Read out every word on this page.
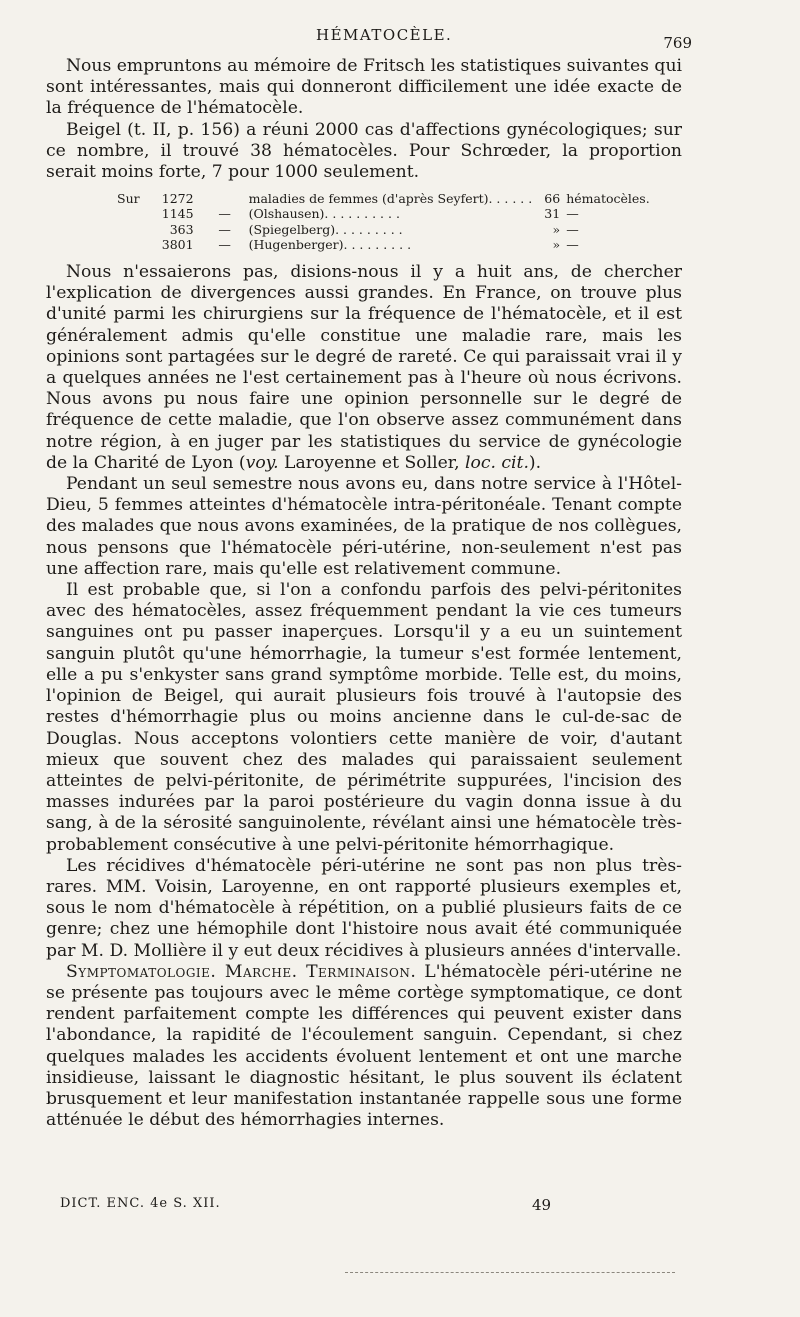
HÉMATOCÈLE.	769

Nous empruntons au mémoire de Fritsch les statistiques suivantes qui sont intéressantes, mais qui donneront difficilement une idée exacte de la fréquence de l'hématocèle.

Beigel (t. II, p. 156) a réuni 2000 cas d'affections gynécologiques; sur ce nombre, il trouvé 38 hématocèles. Pour Schrœder, la proportion serait moins forte, 7 pour 1000 seulement.

Sur	1272		maladies de femmes (d'après Seyfert). . . . . .	66	hématocèles.
	1145	—	(Olshausen). . . . . . . . . .	31	—
	363	—	(Spiegelberg). . . . . . . . .	»	—
	3801	—	(Hugenberger). . . . . . . . .	»	—

Nous n'essaierons pas, disions-nous il y a huit ans, de chercher l'explication de divergences aussi grandes. En France, on trouve plus d'unité parmi les chirurgiens sur la fréquence de l'hématocèle, et il est généralement admis qu'elle constitue une maladie rare, mais les opinions sont partagées sur le degré de rareté. Ce qui paraissait vrai il y a quelques années ne l'est certainement pas à l'heure où nous écrivons. Nous avons pu nous faire une opinion personnelle sur le degré de fréquence de cette maladie, que l'on observe assez communément dans notre région, à en juger par les statistiques du service de gynécologie de la Charité de Lyon (voy. Laroyenne et Soller, loc. cit.).

Pendant un seul semestre nous avons eu, dans notre service à l'Hôtel-Dieu, 5 femmes atteintes d'hématocèle intra-péritonéale. Tenant compte des malades que nous avons examinées, de la pratique de nos collègues, nous pensons que l'hématocèle péri-utérine, non-seulement n'est pas une affection rare, mais qu'elle est relativement commune.

Il est probable que, si l'on a confondu parfois des pelvi-péritonites avec des hématocèles, assez fréquemment pendant la vie ces tumeurs sanguines ont pu passer inaperçues. Lorsqu'il y a eu un suintement sanguin plutôt qu'une hémorrhagie, la tumeur s'est formée lentement, elle a pu s'enkyster sans grand symptôme morbide. Telle est, du moins, l'opinion de Beigel, qui aurait plusieurs fois trouvé à l'autopsie des restes d'hémorrhagie plus ou moins ancienne dans le cul-de-sac de Douglas. Nous acceptons volontiers cette manière de voir, d'autant mieux que souvent chez des malades qui paraissaient seulement atteintes de pelvi-péritonite, de périmétrite suppurées, l'incision des masses indurées par la paroi postérieure du vagin donna issue à du sang, à de la sérosité sanguinolente, révélant ainsi une hématocèle très-probablement consécutive à une pelvi-péritonite hémorrhagique.

Les récidives d'hématocèle péri-utérine ne sont pas non plus très-rares. MM. Voisin, Laroyenne, en ont rapporté plusieurs exemples et, sous le nom d'hématocèle à répétition, on a publié plusieurs faits de ce genre; chez une hémophile dont l'histoire nous avait été communiquée par M. D. Mollière il y eut deux récidives à plusieurs années d'intervalle.

Symptomatologie. Marche. Terminaison. L'hématocèle péri-utérine ne se présente pas toujours avec le même cortège symptomatique, ce dont rendent parfaitement compte les différences qui peuvent exister dans l'abondance, la rapidité de l'écoulement sanguin. Cependant, si chez quelques malades les accidents évoluent lentement et ont une marche insidieuse, laissant le diagnostic hésitant, le plus souvent ils éclatent brusquement et leur manifestation instantanée rappelle sous une forme atténuée le début des hémorrhagies internes.

DICT. ENC. 4e S. XII.	49
